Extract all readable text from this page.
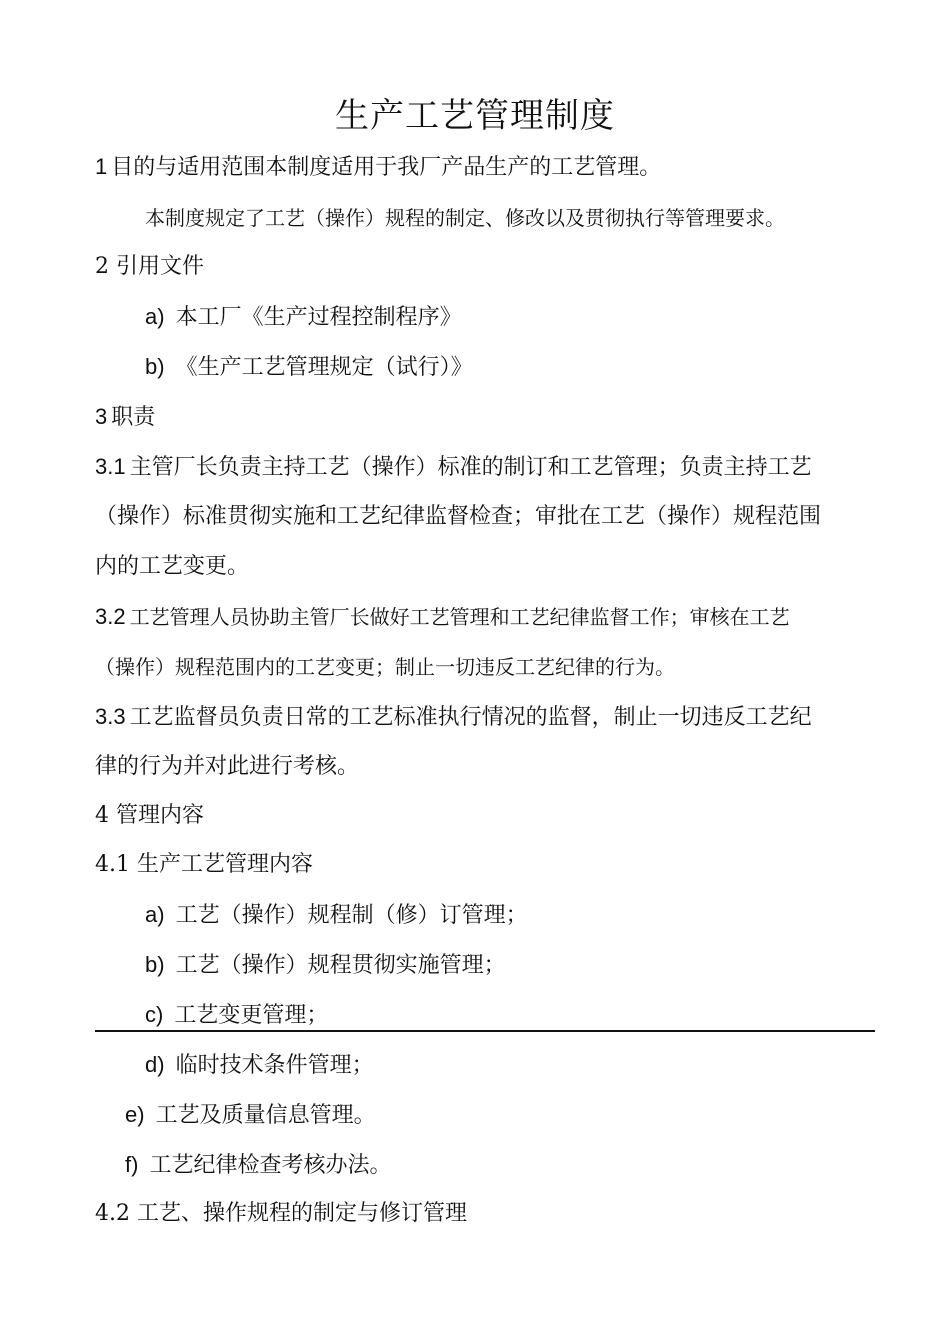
生产工艺管理制度
1 目的与适用范围本制度适用于我厂产品生产的工艺管理。
本制度规定了工艺（操作）规程的制定、修改以及贯彻执行等管理要求。
2 引用文件
a) 本工厂《生产过程控制程序》
b) 《生产工艺管理规定（试行）》
3 职责
3.1 主管厂长负责主持工艺（操作）标准的制订和工艺管理；负责主持工艺
（操作）标准贯彻实施和工艺纪律监督检查；审批在工艺（操作）规程范围
内的工艺变更。
3.2 工艺管理人员协助主管厂长做好工艺管理和工艺纪律监督工作；审核在工艺
（操作）规程范围内的工艺变更；制止一切违反工艺纪律的行为。
3.3 工艺监督员负责日常的工艺标准执行情况的监督，制止一切违反工艺纪
律的行为并对此进行考核。
4 管理内容
4.1 生产工艺管理内容
a) 工艺（操作）规程制（修）订管理；
b) 工艺（操作）规程贯彻实施管理；
c) 工艺变更管理；
d) 临时技术条件管理；
e) 工艺及质量信息管理。
f) 工艺纪律检查考核办法。
4.2 工艺、操作规程的制定与修订管理
